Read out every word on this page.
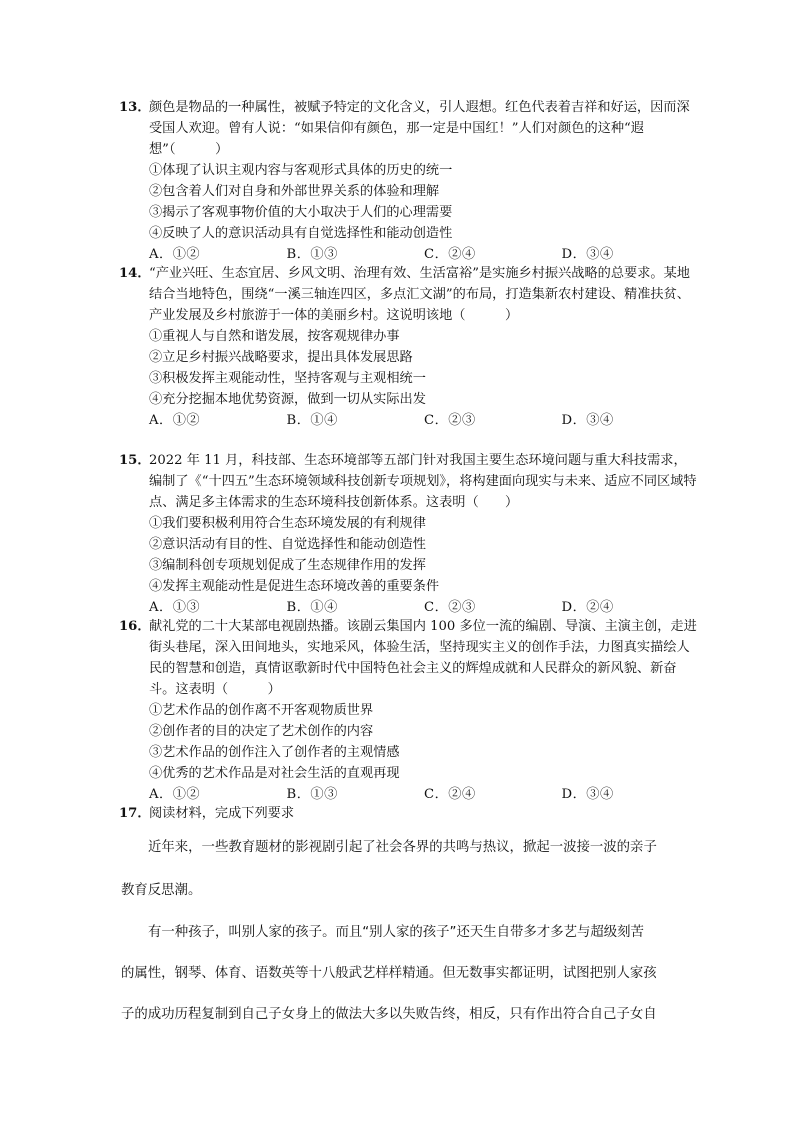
13．
颜色是物品的一种属性，被赋予特定的文化含义，引人遐想。红色代表着吉祥和好运，因而深受国人欢迎。曾有人说：“如果信仰有颜色，那一定是中国红！”人们对颜色的这种“遐想”（　　　）
①体现了认识主观内容与客观形式具体的历史的统一
②包含着人们对自身和外部世界关系的体验和理解
③揭示了客观事物价值的大小取决于人们的心理需要
④反映了人的意识活动具有自觉选择性和能动创造性
A．①②	B．①③	C．②④	D．③④
14．
“产业兴旺、生态宜居、乡风文明、治理有效、生活富裕”是实施乡村振兴战略的总要求。某地结合当地特色，围绕“一溪三轴连四区，多点汇文湖”的布局，打造集新农村建设、精准扶贫、产业发展及乡村旅游于一体的美丽乡村。这说明该地（　　　）
①重视人与自然和谐发展，按客观规律办事
②立足乡村振兴战略要求，提出具体发展思路
③积极发挥主观能动性，坚持客观与主观相统一
④充分挖掘本地优势资源，做到一切从实际出发
A．①②	B．①④	C．②③	D．③④
15．
2022 年 11 月，科技部、生态环境部等五部门针对我国主要生态环境问题与重大科技需求，编制了《“十四五”生态环境领域科技创新专项规划》，将构建面向现实与未来、适应不同区域特点、满足多主体需求的生态环境科技创新体系。这表明（　　）
①我们要积极利用符合生态环境发展的有利规律
②意识活动有目的性、自觉选择性和能动创造性
③编制科创专项规划促成了生态规律作用的发挥
④发挥主观能动性是促进生态环境改善的重要条件
A．①③	B．①④	C．②③	D．②④
16．
献礼党的二十大某部电视剧热播。该剧云集国内 100 多位一流的编剧、导演、主演主创，走进街头巷尾，深入田间地头，实地采风，体验生活，坚持现实主义的创作手法，力图真实描绘人民的智慧和创造，真情讴歌新时代中国特色社会主义的辉煌成就和人民群众的新风貌、新奋斗。这表明（　　　）
①艺术作品的创作离不开客观物质世界
②创作者的目的决定了艺术创作的内容
③艺术作品的创作注入了创作者的主观情感
④优秀的艺术作品是对社会生活的直观再现
A．①②	B．①③	C．②④	D．③④
17．
阅读材料，完成下列要求
近年来，一些教育题材的影视剧引起了社会各界的共鸣与热议，掀起一波接一波的亲子
教育反思潮。
有一种孩子，叫别人家的孩子。而且“别人家的孩子”还天生自带多才多艺与超级刻苦
的属性，钢琴、体育、语数英等十八般武艺样样精通。但无数事实都证明，试图把别人家孩
子的成功历程复制到自己子女身上的做法大多以失败告终，相反，只有作出符合自己子女自
